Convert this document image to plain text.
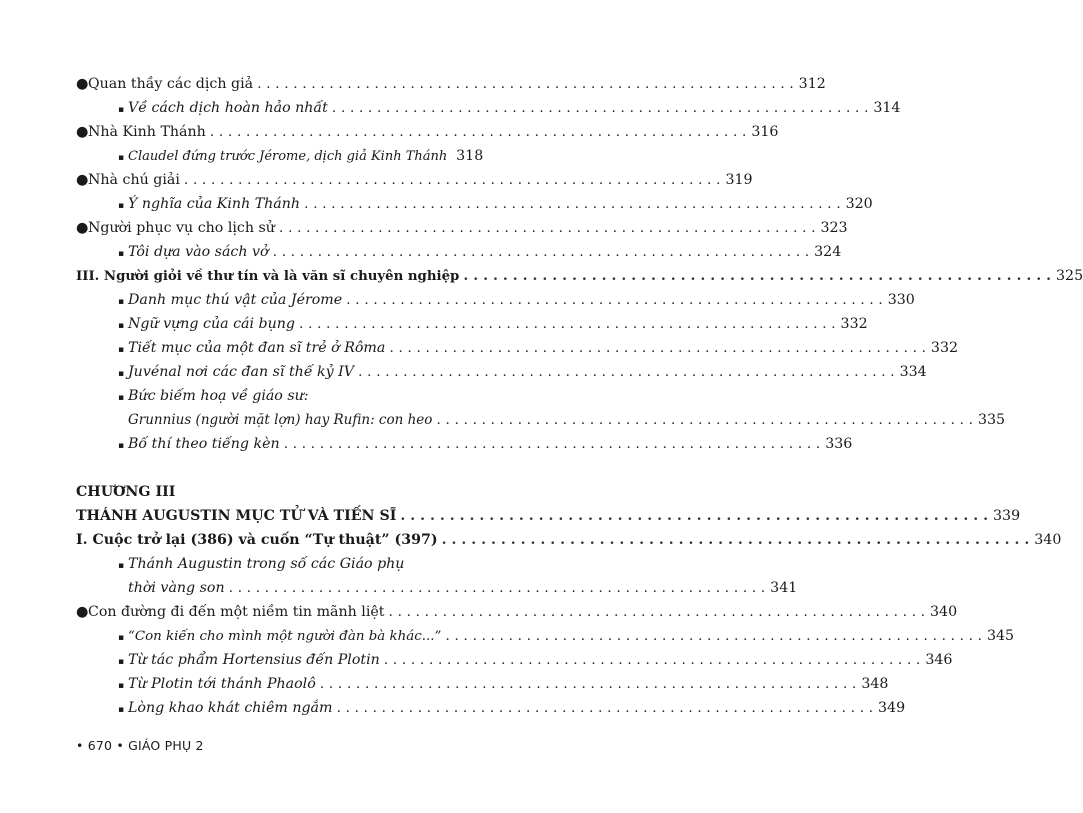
● Quan thầy các dịch giả . . .	312
▪ Về cách dịch hoàn hảo nhất . . .	314
● Nhà Kinh Thánh . . .	316
▪ Claudel đứng trước Jérome, dịch giả Kinh Thánh 318
● Nhà chú giải . . .	319
▪ Ý nghĩa của Kinh Thánh . . .	320
● Người phục vụ cho lịch sử . . .	323
▪ Tôi dựa vào sách vở . . .	324
III. Người giỏi về thư tín và là văn sĩ chuyên nghiệp . . .	325
▪ Danh mục thú vật của Jérome . . .	330
▪ Ngữ vựng của cái bụng . . .	332
▪ Tiết mục của một đan sĩ trẻ ở Rôma . . .	332
▪ Juvénal nơi các đan sĩ thế kỷ IV . . .	334
▪ Bức biếm hoạ về giáo sư:
Grunnius (người mặt lợn) hay Rufin: con heo . . .	335
▪ Bố thí theo tiếng kèn . . .	336
CHƯƠNG III
THÁNH AUGUSTIN MỤC TỬ VÀ TIẾN SĨ . . .	339
I. Cuộc trở lại (386) và cuốn “Tự thuật” (397) . . .	340
▪ Thánh Augustin trong số các Giáo phụ
thời vàng son . . .	341
● Con đường đi đến một niềm tin mãnh liệt . . .	340
▪ “Con kiến cho mình một người đàn bà khác...” . . .	345
▪ Từ tác phẩm Hortensius đến Plotin . . .	346
▪ Từ Plotin tới thánh Phaolô . . .	348
▪ Lòng khao khát chiêm ngắm . . .	349
• 670 • GIÁO PHỤ 2
